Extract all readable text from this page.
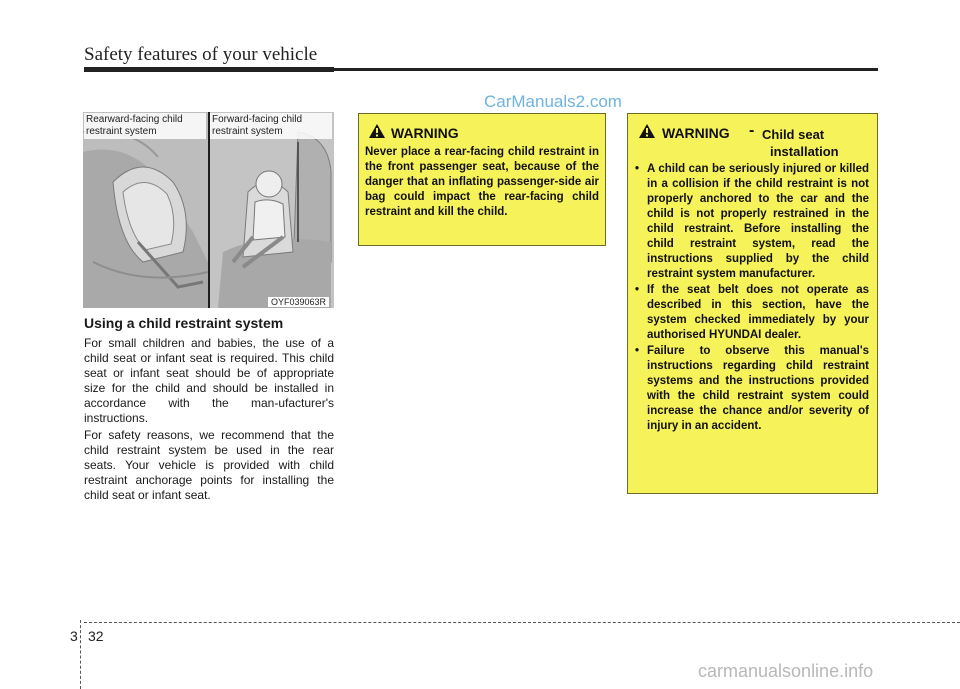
Safety features of your vehicle
CarManuals2.com
Rearward-facing child restraint system
Forward-facing child restraint system
OYF039063R
Using a child restraint system
For small children and babies, the use of a child seat or infant seat is required. This child seat or infant seat should be of appropriate size for the child and should be installed in accordance with the man-ufacturer's instructions.
For safety reasons, we recommend that the child restraint system be used in the rear seats. Your vehicle is provided with child restraint anchorage points for installing the child seat or infant seat.
WARNING
Never place a rear-facing child restraint in the front passenger seat, because of the danger that an inflating passenger-side air bag could impact the rear-facing child restraint and kill the child.
WARNING - Child seat
installation
• A child can be seriously injured or killed in a collision if the child restraint is not properly anchored to the car and the child is not properly restrained in the child restraint. Before installing the child restraint system, read the instructions supplied by the child restraint system manufacturer.
• If the seat belt does not operate as described in this section, have the system checked immediately by your authorised HYUNDAI dealer.
• Failure to observe this manual's instructions regarding child restraint systems and the instructions provided with the child restraint system could increase the chance and/or severity of injury in an accident.
3 32
carmanualsonline.info
